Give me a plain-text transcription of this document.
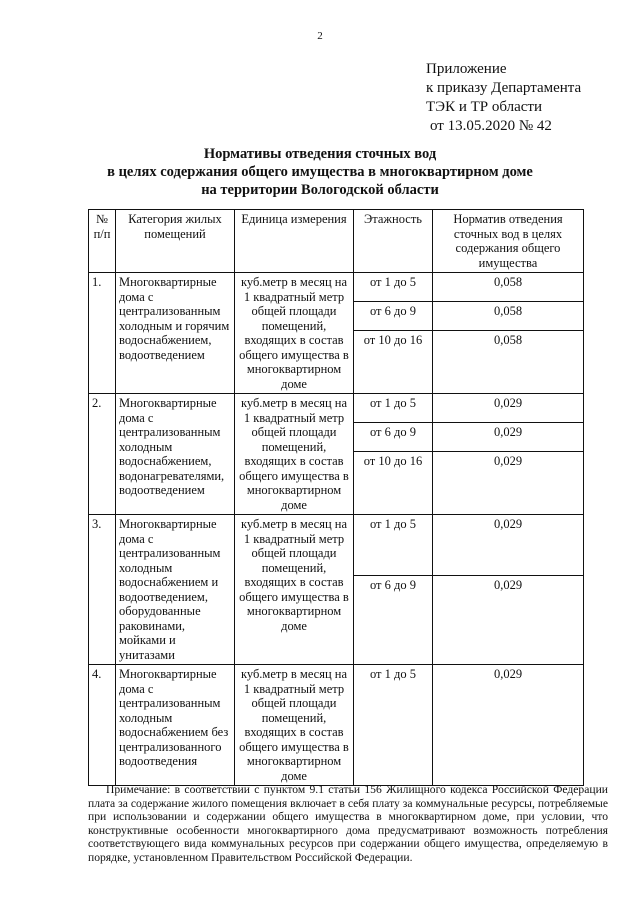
2
Приложение
к приказу Департамента
ТЭК и ТР области
от 13.05.2020 № 42
Нормативы отведения сточных вод
в целях содержания общего имущества в многоквартирном доме
на территории Вологодской области
№ п/п	Категория жилых помещений	Единица измерения	Этажность	Норматив отведения сточных вод в целях содержания общего имущества
1.	Многоквартирные дома с централизованным холодным и горячим водоснабжением, водоотведением	куб.метр в месяц на 1 квадратный метр общей площади помещений, входящих в состав общего имущества в многоквартирном доме	от 1 до 5	0,058
			от 6 до 9	0,058
			от 10 до 16	0,058
2.	Многоквартирные дома с централизованным холодным водоснабжением, водонагревателями, водоотведением	куб.метр в месяц на 1 квадратный метр общей площади помещений, входящих в состав общего имущества в многоквартирном доме	от 1 до 5	0,029
			от 6 до 9	0,029
			от 10 до 16	0,029
3.	Многоквартирные дома с централизованным холодным водоснабжением и водоотведением, оборудованные раковинами, мойками и унитазами	куб.метр в месяц на 1 квадратный метр общей площади помещений, входящих в состав общего имущества в многоквартирном доме	от 1 до 5	0,029
			от 6 до 9	0,029
4.	Многоквартирные дома с централизованным холодным водоснабжением без централизованного водоотведения	куб.метр в месяц на 1 квадратный метр общей площади помещений, входящих в состав общего имущества в многоквартирном доме	от 1 до 5	0,029
Примечание: в соответствии с пунктом 9.1 статьи 156 Жилищного кодекса Российской Федерации плата за содержание жилого помещения включает в себя плату за коммунальные ресурсы, потребляемые при использовании и содержании общего имущества в многоквартирном доме, при условии, что конструктивные особенности многоквартирного дома предусматривают возможность потребления соответствующего вида коммунальных ресурсов при содержании общего имущества, определяемую в порядке, установленном Правительством Российской Федерации.
